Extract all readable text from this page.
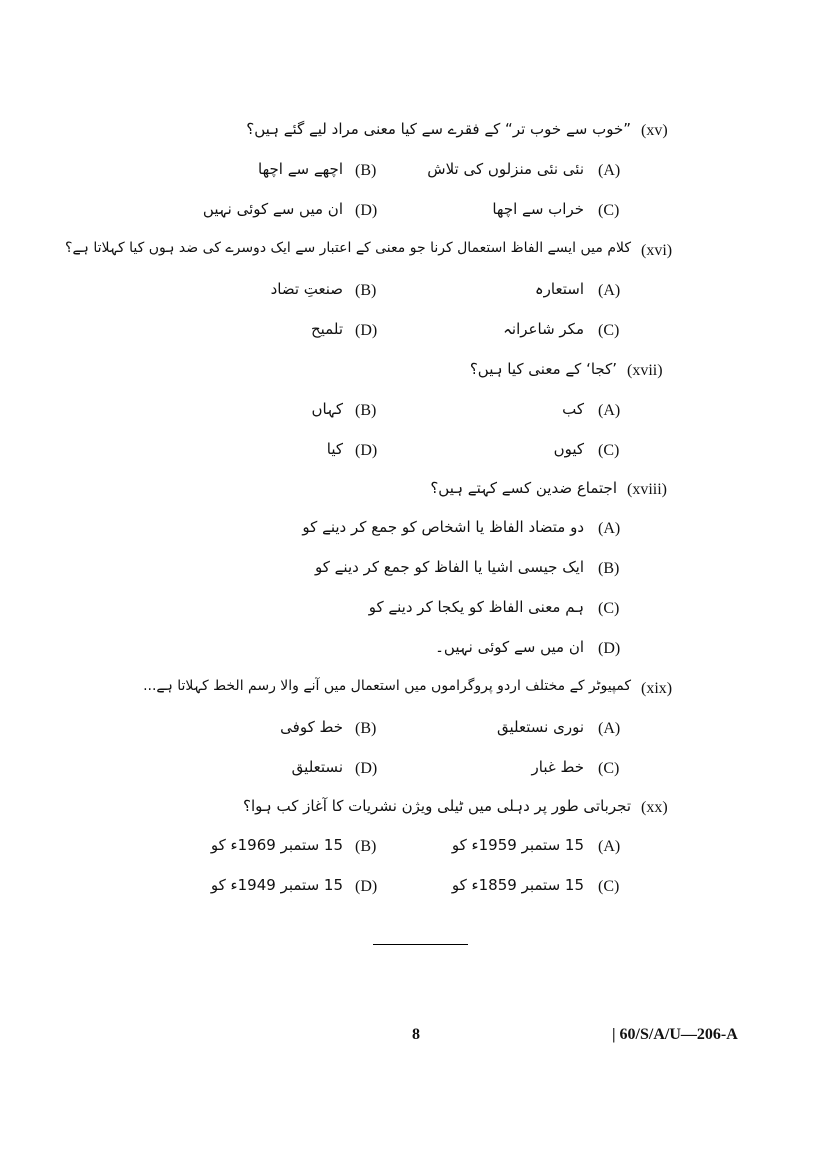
(xv)
”خوب سے خوب تر“ کے فقرے سے کیا معنی مراد لیے گئے ہیں؟
(A)
نئی نئی منزلوں کی تلاش
(B)
اچھے سے اچھا
(C)
خراب سے اچھا
(D)
ان میں سے کوئی نہیں
(xvi)
کلام میں ایسے الفاظ استعمال کرنا جو معنی کے اعتبار سے ایک دوسرے کی ضد ہوں کیا کہلاتا ہے؟
(A)
استعارہ
(B)
صنعتِ تضاد
(C)
مکر شاعرانہ
(D)
تلمیح
(xvii)
’کجا‘ کے معنی کیا ہیں؟
(A)
کب
(B)
کہاں
(C)
کیوں
(D)
کیا
(xviii)
اجتماع ضدین کسے کہتے ہیں؟
(A)
دو متضاد الفاظ یا اشخاص کو جمع کر دینے کو
(B)
ایک جیسی اشیا یا الفاظ کو جمع کر دینے کو
(C)
ہم معنی الفاظ کو یکجا کر دینے کو
(D)
ان میں سے کوئی نہیں۔
(xix)
کمپیوٹر کے مختلف اردو پروگراموں میں استعمال میں آنے والا رسم الخط کہلاتا ہے...
(A)
نوری نستعلیق
(B)
خط کوفی
(C)
خط غبار
(D)
نستعلیق
(xx)
تجرباتی طور پر دہلی میں ٹیلی ویژن نشریات کا آغاز کب ہوا؟
(A)
15 ستمبر 1959ء کو
(B)
15 ستمبر 1969ء کو
(C)
15 ستمبر 1859ء کو
(D)
15 ستمبر 1949ء کو
8	| 60/S/A/U—206-A
